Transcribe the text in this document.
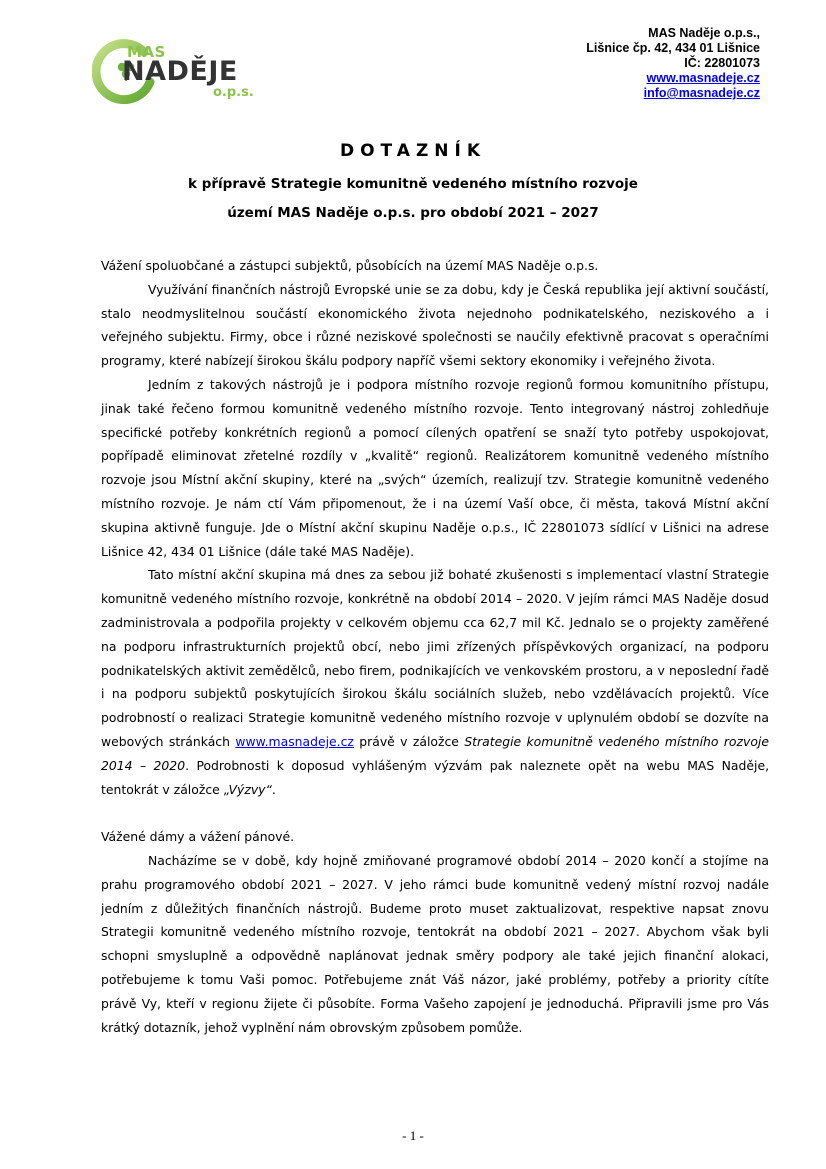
MAS
NADĚJE
o.p.s.
MAS Naděje o.p.s.,
Lišnice čp. 42, 434 01 Lišnice
IČ: 22801073
www.masnadeje.cz
info@masnadeje.cz
DOTAZNÍK
k přípravě Strategie komunitně vedeného místního rozvoje
území MAS Naděje o.p.s. pro období 2021 – 2027

Vážení spoluobčané a zástupci subjektů, působících na území MAS Naděje o.p.s.

Využívání finančních nástrojů Evropské unie se za dobu, kdy je Česká republika její aktivní součástí, stalo neodmyslitelnou součástí ekonomického života nejednoho podnikatelského, neziskového a i veřejného subjektu. Firmy, obce i různé neziskové společnosti se naučily efektivně pracovat s operačními programy, které nabízejí širokou škálu podpory napříč všemi sektory ekonomiky i veřejného života.

Jedním z takových nástrojů je i podpora místního rozvoje regionů formou komunitního přístupu, jinak také řečeno formou komunitně vedeného místního rozvoje. Tento integrovaný nástroj zohledňuje specifické potřeby konkrétních regionů a pomocí cílených opatření se snaží tyto potřeby uspokojovat, popřípadě eliminovat zřetelné rozdíly v „kvalitě“ regionů. Realizátorem komunitně vedeného místního rozvoje jsou Místní akční skupiny, které na „svých“ územích, realizují tzv. Strategie komunitně vedeného místního rozvoje. Je nám ctí Vám připomenout, že i na území Vaší obce, či města, taková Místní akční skupina aktivně funguje. Jde o Místní akční skupinu Naděje o.p.s., IČ 22801073 sídlící v Lišnici na adrese Lišnice 42, 434 01 Lišnice (dále také MAS Naděje).

Tato místní akční skupina má dnes za sebou již bohaté zkušenosti s implementací vlastní Strategie komunitně vedeného místního rozvoje, konkrétně na období 2014 – 2020. V jejím rámci MAS Naděje dosud zadministrovala a podpořila projekty v celkovém objemu cca 62,7 mil Kč. Jednalo se o projekty zaměřené na podporu infrastrukturních projektů obcí, nebo jimi zřízených příspěvkových organizací, na podporu podnikatelských aktivit zemědělců, nebo firem, podnikajících ve venkovském prostoru, a v neposlední řadě i na podporu subjektů poskytujících širokou škálu sociálních služeb, nebo vzdělávacích projektů. Více podrobností o realizaci Strategie komunitně vedeného místního rozvoje v uplynulém období se dozvíte na webových stránkách www.masnadeje.cz právě v záložce Strategie komunitně vedeného místního rozvoje 2014 – 2020. Podrobnosti k doposud vyhlášeným výzvám pak naleznete opět na webu MAS Naděje, tentokrát v záložce „Výzvy“.

Vážené dámy a vážení pánové.

Nacházíme se v době, kdy hojně zmiňované programové období 2014 – 2020 končí a stojíme na prahu programového období 2021 – 2027. V jeho rámci bude komunitně vedený místní rozvoj nadále jedním z důležitých finančních nástrojů. Budeme proto muset zaktualizovat, respektive napsat znovu Strategii komunitně vedeného místního rozvoje, tentokrát na období 2021 – 2027. Abychom však byli schopni smysluplně a odpovědně naplánovat jednak směry podpory ale také jejich finanční alokaci, potřebujeme k tomu Vaši pomoc. Potřebujeme znát Váš názor, jaké problémy, potřeby a priority cítíte právě Vy, kteří v regionu žijete či působíte. Forma Vašeho zapojení je jednoduchá. Připravili jsme pro Vás krátký dotazník, jehož vyplnění nám obrovským způsobem pomůže.

- 1 -
